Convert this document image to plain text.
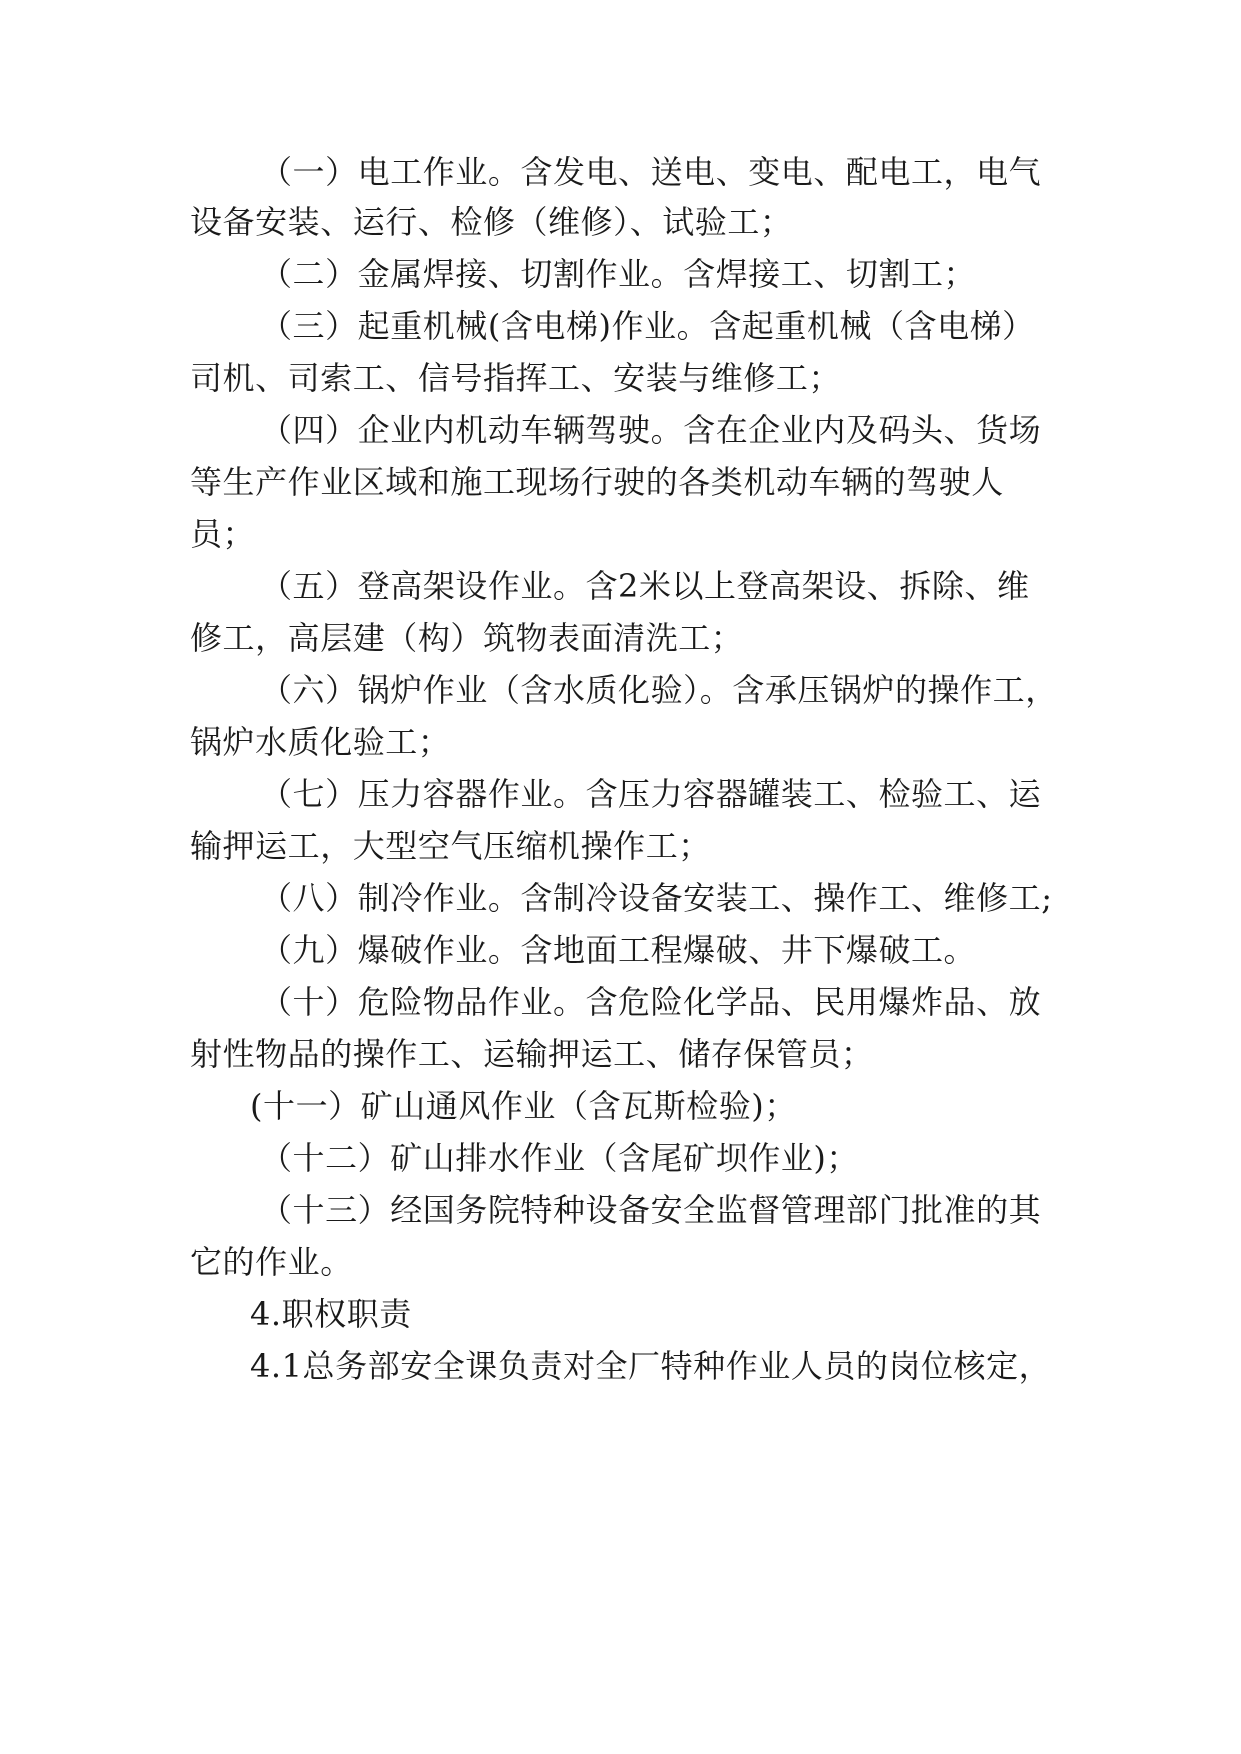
（一）电工作业。含发电、送电、变电、配电工，电气
设备安装、运行、检修（维修）、试验工；
（二）金属焊接、切割作业。含焊接工、切割工；
（三）起重机械(含电梯)作业。含起重机械（含电梯）
司机、司索工、信号指挥工、安装与维修工；
（四）企业内机动车辆驾驶。含在企业内及码头、货场
等生产作业区域和施工现场行驶的各类机动车辆的驾驶人
员；
（五）登高架设作业。含2米以上登高架设、拆除、维
修工，高层建（构）筑物表面清洗工；
（六）锅炉作业（含水质化验）。含承压锅炉的操作工，
锅炉水质化验工；
（七）压力容器作业。含压力容器罐装工、检验工、运
输押运工，大型空气压缩机操作工；
（八）制冷作业。含制冷设备安装工、操作工、维修工;
（九）爆破作业。含地面工程爆破、井下爆破工。
（十）危险物品作业。含危险化学品、民用爆炸品、放
射性物品的操作工、运输押运工、储存保管员；
(十一）矿山通风作业（含瓦斯检验)；
（十二）矿山排水作业（含尾矿坝作业)；
（十三）经国务院特种设备安全监督管理部门批准的其
它的作业。
4.职权职责
4.1总务部安全课负责对全厂特种作业人员的岗位核定，
